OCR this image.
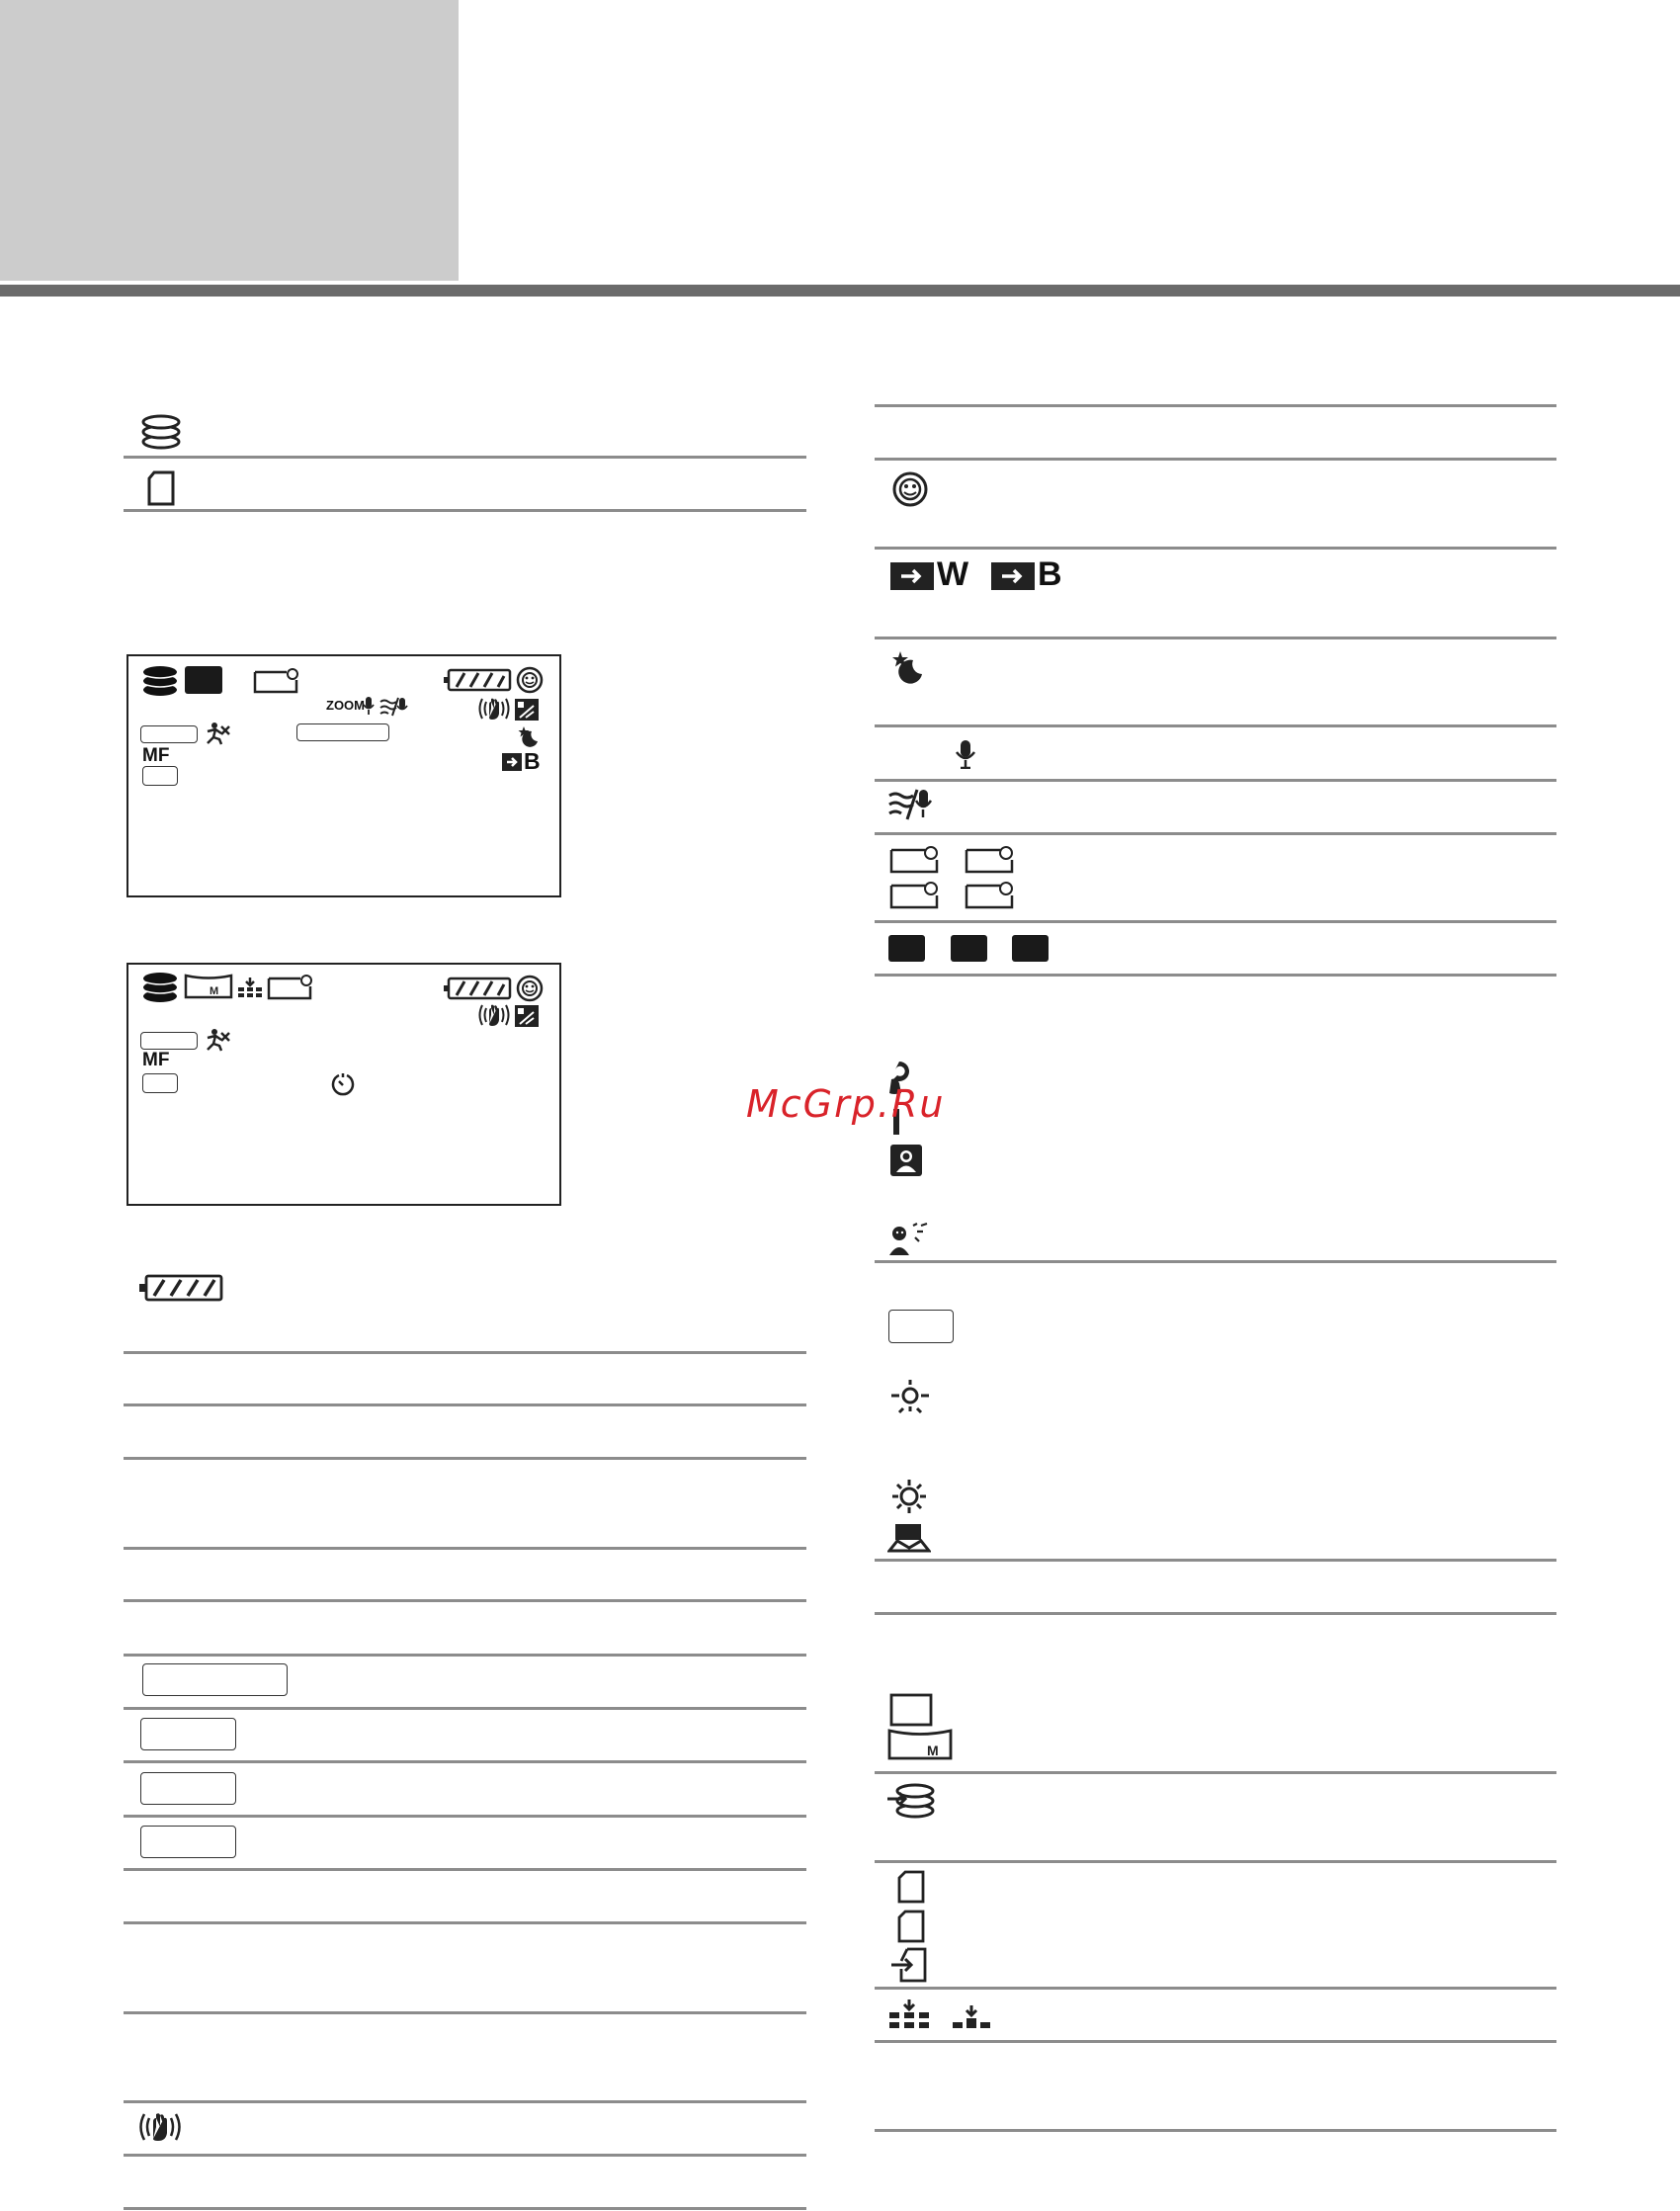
ZOOM
MF	B
M
MF
W B
McGrp.Ru
M
